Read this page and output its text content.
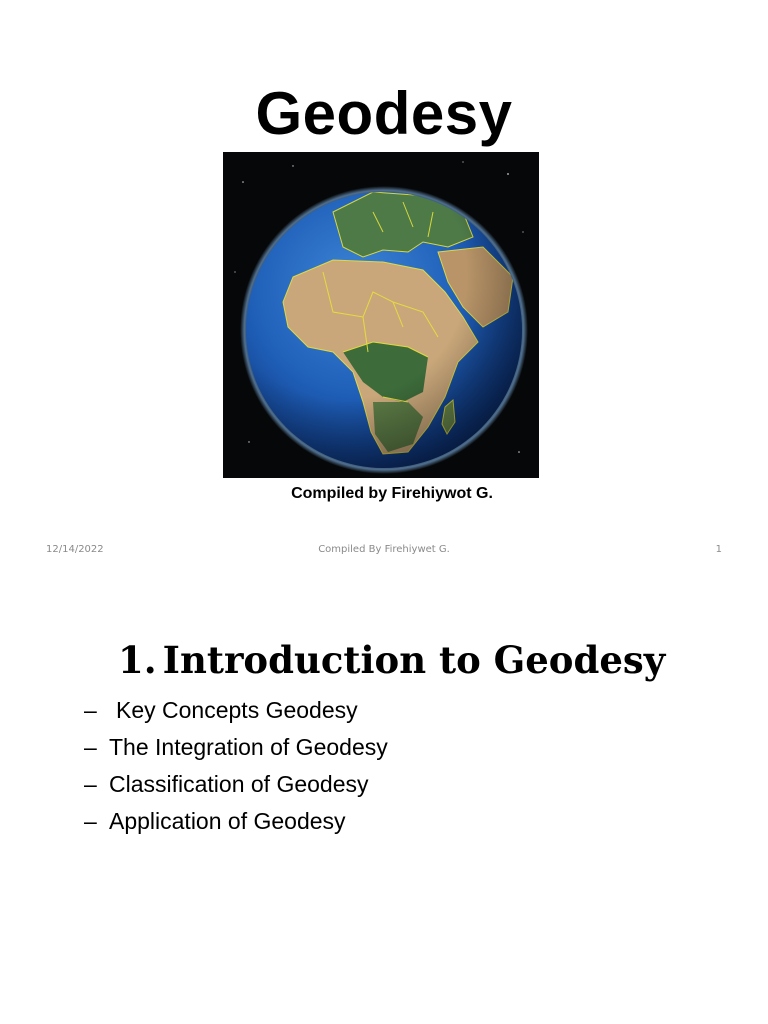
Geodesy
Compiled by Firehiywot G.
12/14/2022	Compiled By Firehiywet G.	1
1. Introduction to Geodesy
– Key Concepts Geodesy
– The Integration of Geodesy
– Classification of Geodesy
– Application of Geodesy
